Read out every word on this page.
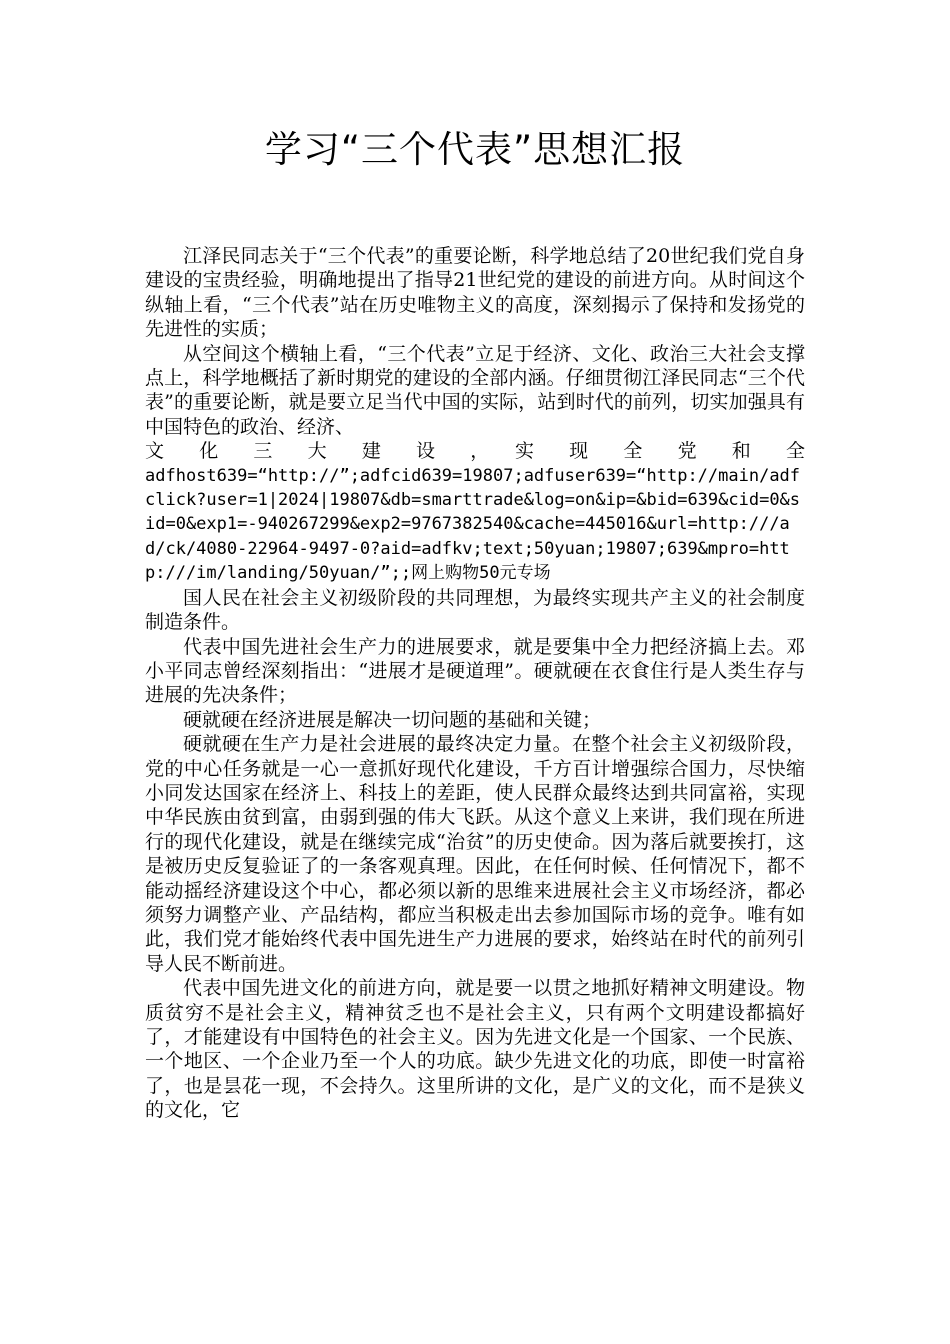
学习“三个代表”思想汇报

江泽民同志关于“三个代表”的重要论断，科学地总结了20世纪我们党自身建设的宝贵经验，明确地提出了指导21世纪党的建设的前进方向。从时间这个纵轴上看，“三个代表”站在历史唯物主义的高度，深刻揭示了保持和发扬党的先进性的实质；

从空间这个横轴上看，“三个代表”立足于经济、文化、政治三大社会支撑点上，科学地概括了新时期党的建设的全部内涵。仔细贯彻江泽民同志“三个代表”的重要论断，就是要立足当代中国的实际，站到时代的前列，切实加强具有中国特色的政治、经济、

文　化　三　大　建　设　，　实　现　全　党　和　全

adfhost639=“http://”;adfcid639=19807;adfuser639=“http://main/adfclick?user=1|2024|19807&db=smarttrade&log=on&ip=&bid=639&cid=0&sid=0&exp1=-940267299&exp2=9767382540&cache=445016&url=http:///ad/ck/4080-22964-9497-0?aid=adfkv;text;50yuan;19807;639&mpro=http:///im/landing/50yuan/”;;网上购物50元专场

国人民在社会主义初级阶段的共同理想，为最终实现共产主义的社会制度制造条件。

代表中国先进社会生产力的进展要求，就是要集中全力把经济搞上去。邓小平同志曾经深刻指出：“进展才是硬道理”。硬就硬在衣食住行是人类生存与进展的先决条件；

硬就硬在经济进展是解决一切问题的基础和关键；

硬就硬在生产力是社会进展的最终决定力量。在整个社会主义初级阶段，党的中心任务就是一心一意抓好现代化建设，千方百计增强综合国力，尽快缩小同发达国家在经济上、科技上的差距，使人民群众最终达到共同富裕，实现中华民族由贫到富，由弱到强的伟大飞跃。从这个意义上来讲，我们现在所进行的现代化建设，就是在继续完成“治贫”的历史使命。因为落后就要挨打，这是被历史反复验证了的一条客观真理。因此，在任何时候、任何情况下，都不能动摇经济建设这个中心，都必须以新的思维来进展社会主义市场经济，都必须努力调整产业、产品结构，都应当积极走出去参加国际市场的竞争。唯有如此，我们党才能始终代表中国先进生产力进展的要求，始终站在时代的前列引导人民不断前进。

代表中国先进文化的前进方向，就是要一以贯之地抓好精神文明建设。物质贫穷不是社会主义，精神贫乏也不是社会主义，只有两个文明建设都搞好了，才能建设有中国特色的社会主义。因为先进文化是一个国家、一个民族、一个地区、一个企业乃至一个人的功底。缺少先进文化的功底，即使一时富裕了，也是昙花一现，不会持久。这里所讲的文化，是广义的文化，而不是狭义的文化，它
